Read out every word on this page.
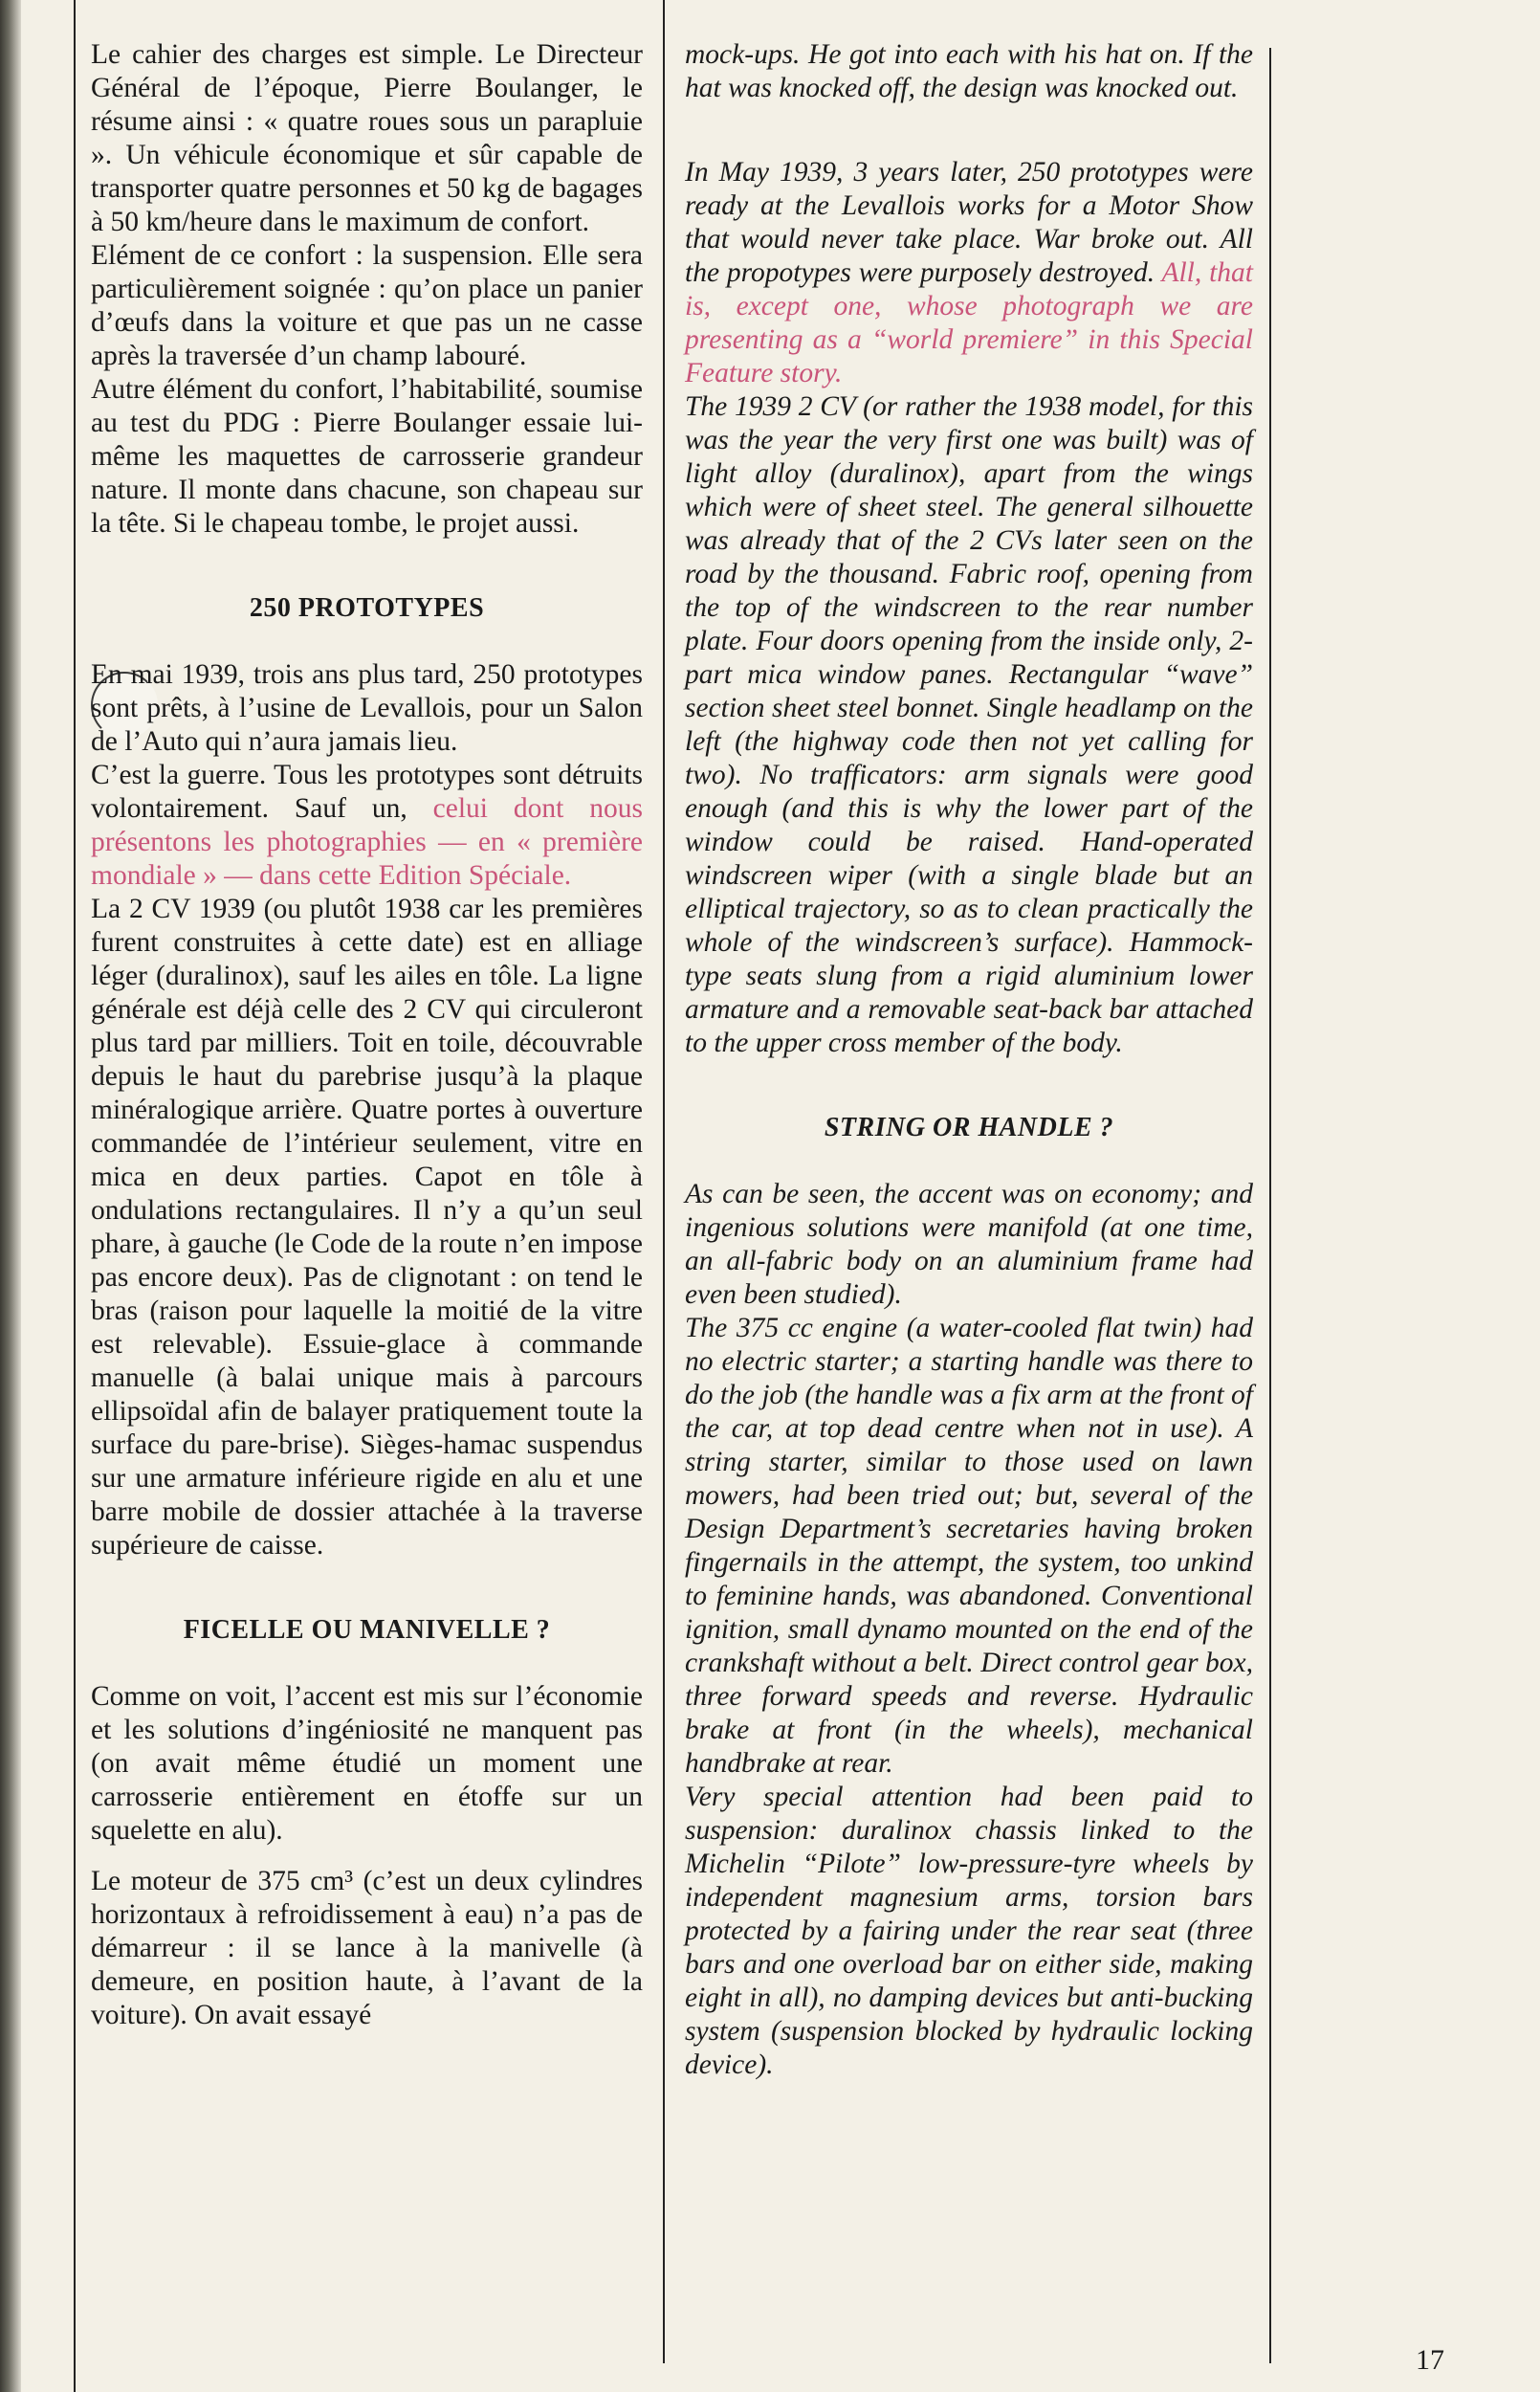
Le cahier des charges est simple. Le Directeur Général de l’époque, Pierre Boulanger, le résume ainsi : « quatre roues sous un parapluie ». Un véhicule économique et sûr capable de transporter quatre personnes et 50 kg de bagages à 50 km/heure dans le maximum de confort.

Elément de ce confort : la suspension. Elle sera particulièrement soignée : qu’on place un panier d’œufs dans la voiture et que pas un ne casse après la traversée d’un champ labouré.

Autre élément du confort, l’habitabilité, soumise au test du PDG : Pierre Boulanger essaie lui-même les maquettes de carrosserie grandeur nature. Il monte dans chacune, son chapeau sur la tête. Si le chapeau tombe, le projet aussi.

250 PROTOTYPES

En mai 1939, trois ans plus tard, 250 prototypes sont prêts, à l’usine de Levallois, pour un Salon de l’Auto qui n’aura jamais lieu.

C’est la guerre. Tous les prototypes sont détruits volontairement. Sauf un, celui dont nous présentons les photographies — en « première mondiale » — dans cette Edition Spéciale.

La 2 CV 1939 (ou plutôt 1938 car les premières furent construites à cette date) est en alliage léger (duralinox), sauf les ailes en tôle. La ligne générale est déjà celle des 2 CV qui circuleront plus tard par milliers. Toit en toile, découvrable depuis le haut du parebrise jusqu’à la plaque minéralogique arrière. Quatre portes à ouverture commandée de l’intérieur seulement, vitre en mica en deux parties. Capot en tôle à ondulations rectangulaires. Il n’y a qu’un seul phare, à gauche (le Code de la route n’en impose pas encore deux). Pas de clignotant : on tend le bras (raison pour laquelle la moitié de la vitre est relevable). Essuie-glace à commande manuelle (à balai unique mais à parcours ellipsoïdal afin de balayer pratiquement toute la surface du pare-brise). Sièges-hamac suspendus sur une armature inférieure rigide en alu et une barre mobile de dossier attachée à la traverse supérieure de caisse.

FICELLE OU MANIVELLE ?

Comme on voit, l’accent est mis sur l’économie et les solutions d’ingéniosité ne manquent pas (on avait même étudié un moment une carrosserie entièrement en étoffe sur un squelette en alu).

Le moteur de 375 cm³ (c’est un deux cylindres horizontaux à refroidissement à eau) n’a pas de démarreur : il se lance à la manivelle (à demeure, en position haute, à l’avant de la voiture). On avait essayé

mock-ups. He got into each with his hat on. If the hat was knocked off, the design was knocked out.

In May 1939, 3 years later, 250 prototypes were ready at the Levallois works for a Motor Show that would never take place. War broke out. All the propotypes were purposely destroyed. All, that is, except one, whose photograph we are presenting as a “world premiere” in this Special Feature story.

The 1939 2 CV (or rather the 1938 model, for this was the year the very first one was built) was of light alloy (duralinox), apart from the wings which were of sheet steel. The general silhouette was already that of the 2 CVs later seen on the road by the thousand. Fabric roof, opening from the top of the windscreen to the rear number plate. Four doors opening from the inside only, 2-part mica window panes. Rectangular “wave” section sheet steel bonnet. Single headlamp on the left (the highway code then not yet calling for two). No trafficators: arm signals were good enough (and this is why the lower part of the window could be raised. Hand-operated windscreen wiper (with a single blade but an elliptical trajectory, so as to clean practically the whole of the windscreen’s surface). Hammock-type seats slung from a rigid aluminium lower armature and a removable seat-back bar attached to the upper cross member of the body.

STRING OR HANDLE ?

As can be seen, the accent was on economy; and ingenious solutions were manifold (at one time, an all-fabric body on an aluminium frame had even been studied).

The 375 cc engine (a water-cooled flat twin) had no electric starter; a starting handle was there to do the job (the handle was a fix arm at the front of the car, at top dead centre when not in use). A string starter, similar to those used on lawn mowers, had been tried out; but, several of the Design Department’s secretaries having broken fingernails in the attempt, the system, too unkind to feminine hands, was abandoned. Conventional ignition, small dynamo mounted on the end of the crankshaft without a belt. Direct control gear box, three forward speeds and reverse. Hydraulic brake at front (in the wheels), mechanical handbrake at rear.

Very special attention had been paid to suspension: duralinox chassis linked to the Michelin “Pilote” low-pressure-tyre wheels by independent magnesium arms, torsion bars protected by a fairing under the rear seat (three bars and one overload bar on either side, making eight in all), no damping devices but anti-bucking system (suspension blocked by hydraulic locking device).

17
